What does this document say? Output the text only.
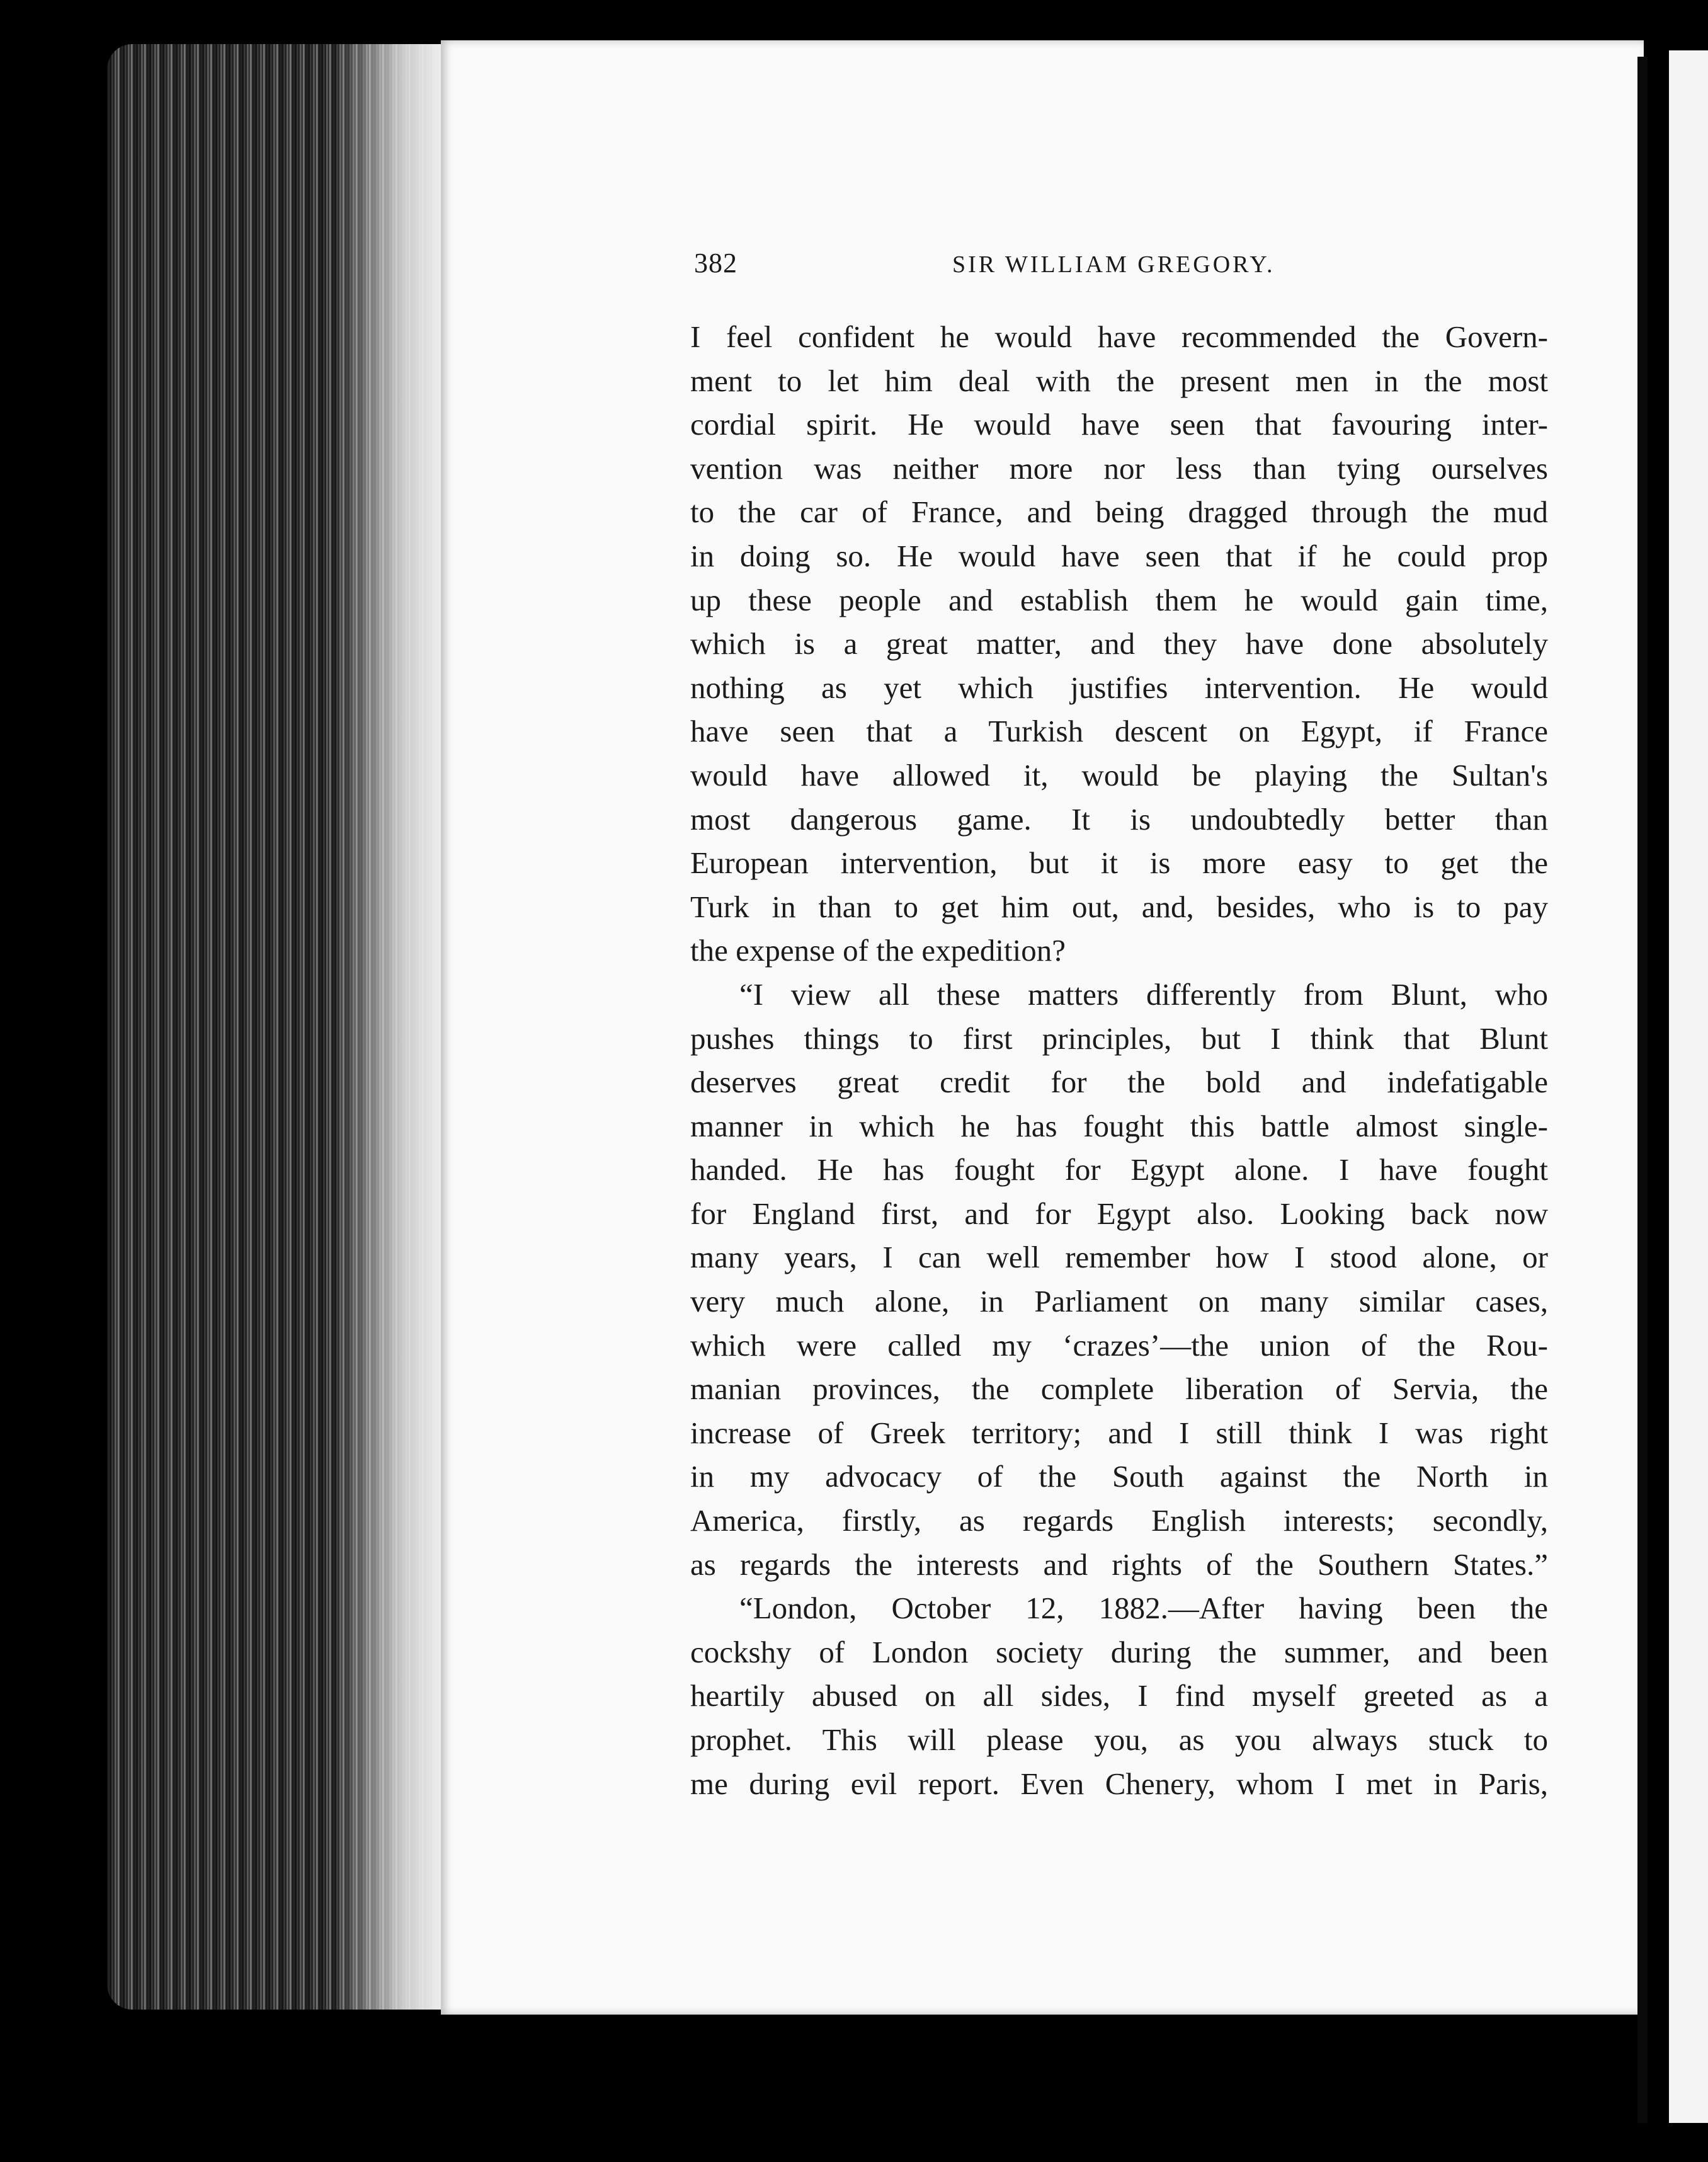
382	SIR WILLIAM GREGORY.
I feel confident he would have recommended the Govern-
ment to let him deal with the present men in the most
cordial spirit. He would have seen that favouring inter-
vention was neither more nor less than tying ourselves
to the car of France, and being dragged through the mud
in doing so. He would have seen that if he could prop
up these people and establish them he would gain time,
which is a great matter, and they have done absolutely
nothing as yet which justifies intervention. He would
have seen that a Turkish descent on Egypt, if France
would have allowed it, would be playing the Sultan's
most dangerous game. It is undoubtedly better than
European intervention, but it is more easy to get the
Turk in than to get him out, and, besides, who is to pay
the expense of the expedition?
“I view all these matters differently from Blunt, who
pushes things to first principles, but I think that Blunt
deserves great credit for the bold and indefatigable
manner in which he has fought this battle almost single-
handed. He has fought for Egypt alone. I have fought
for England first, and for Egypt also. Looking back now
many years, I can well remember how I stood alone, or
very much alone, in Parliament on many similar cases,
which were called my ‘crazes’—the union of the Rou-
manian provinces, the complete liberation of Servia, the
increase of Greek territory; and I still think I was right
in my advocacy of the South against the North in
America, firstly, as regards English interests; secondly,
as regards the interests and rights of the Southern States.”
“London, October 12, 1882.—After having been the
cockshy of London society during the summer, and been
heartily abused on all sides, I find myself greeted as a
prophet. This will please you, as you always stuck to
me during evil report. Even Chenery, whom I met in Paris,
